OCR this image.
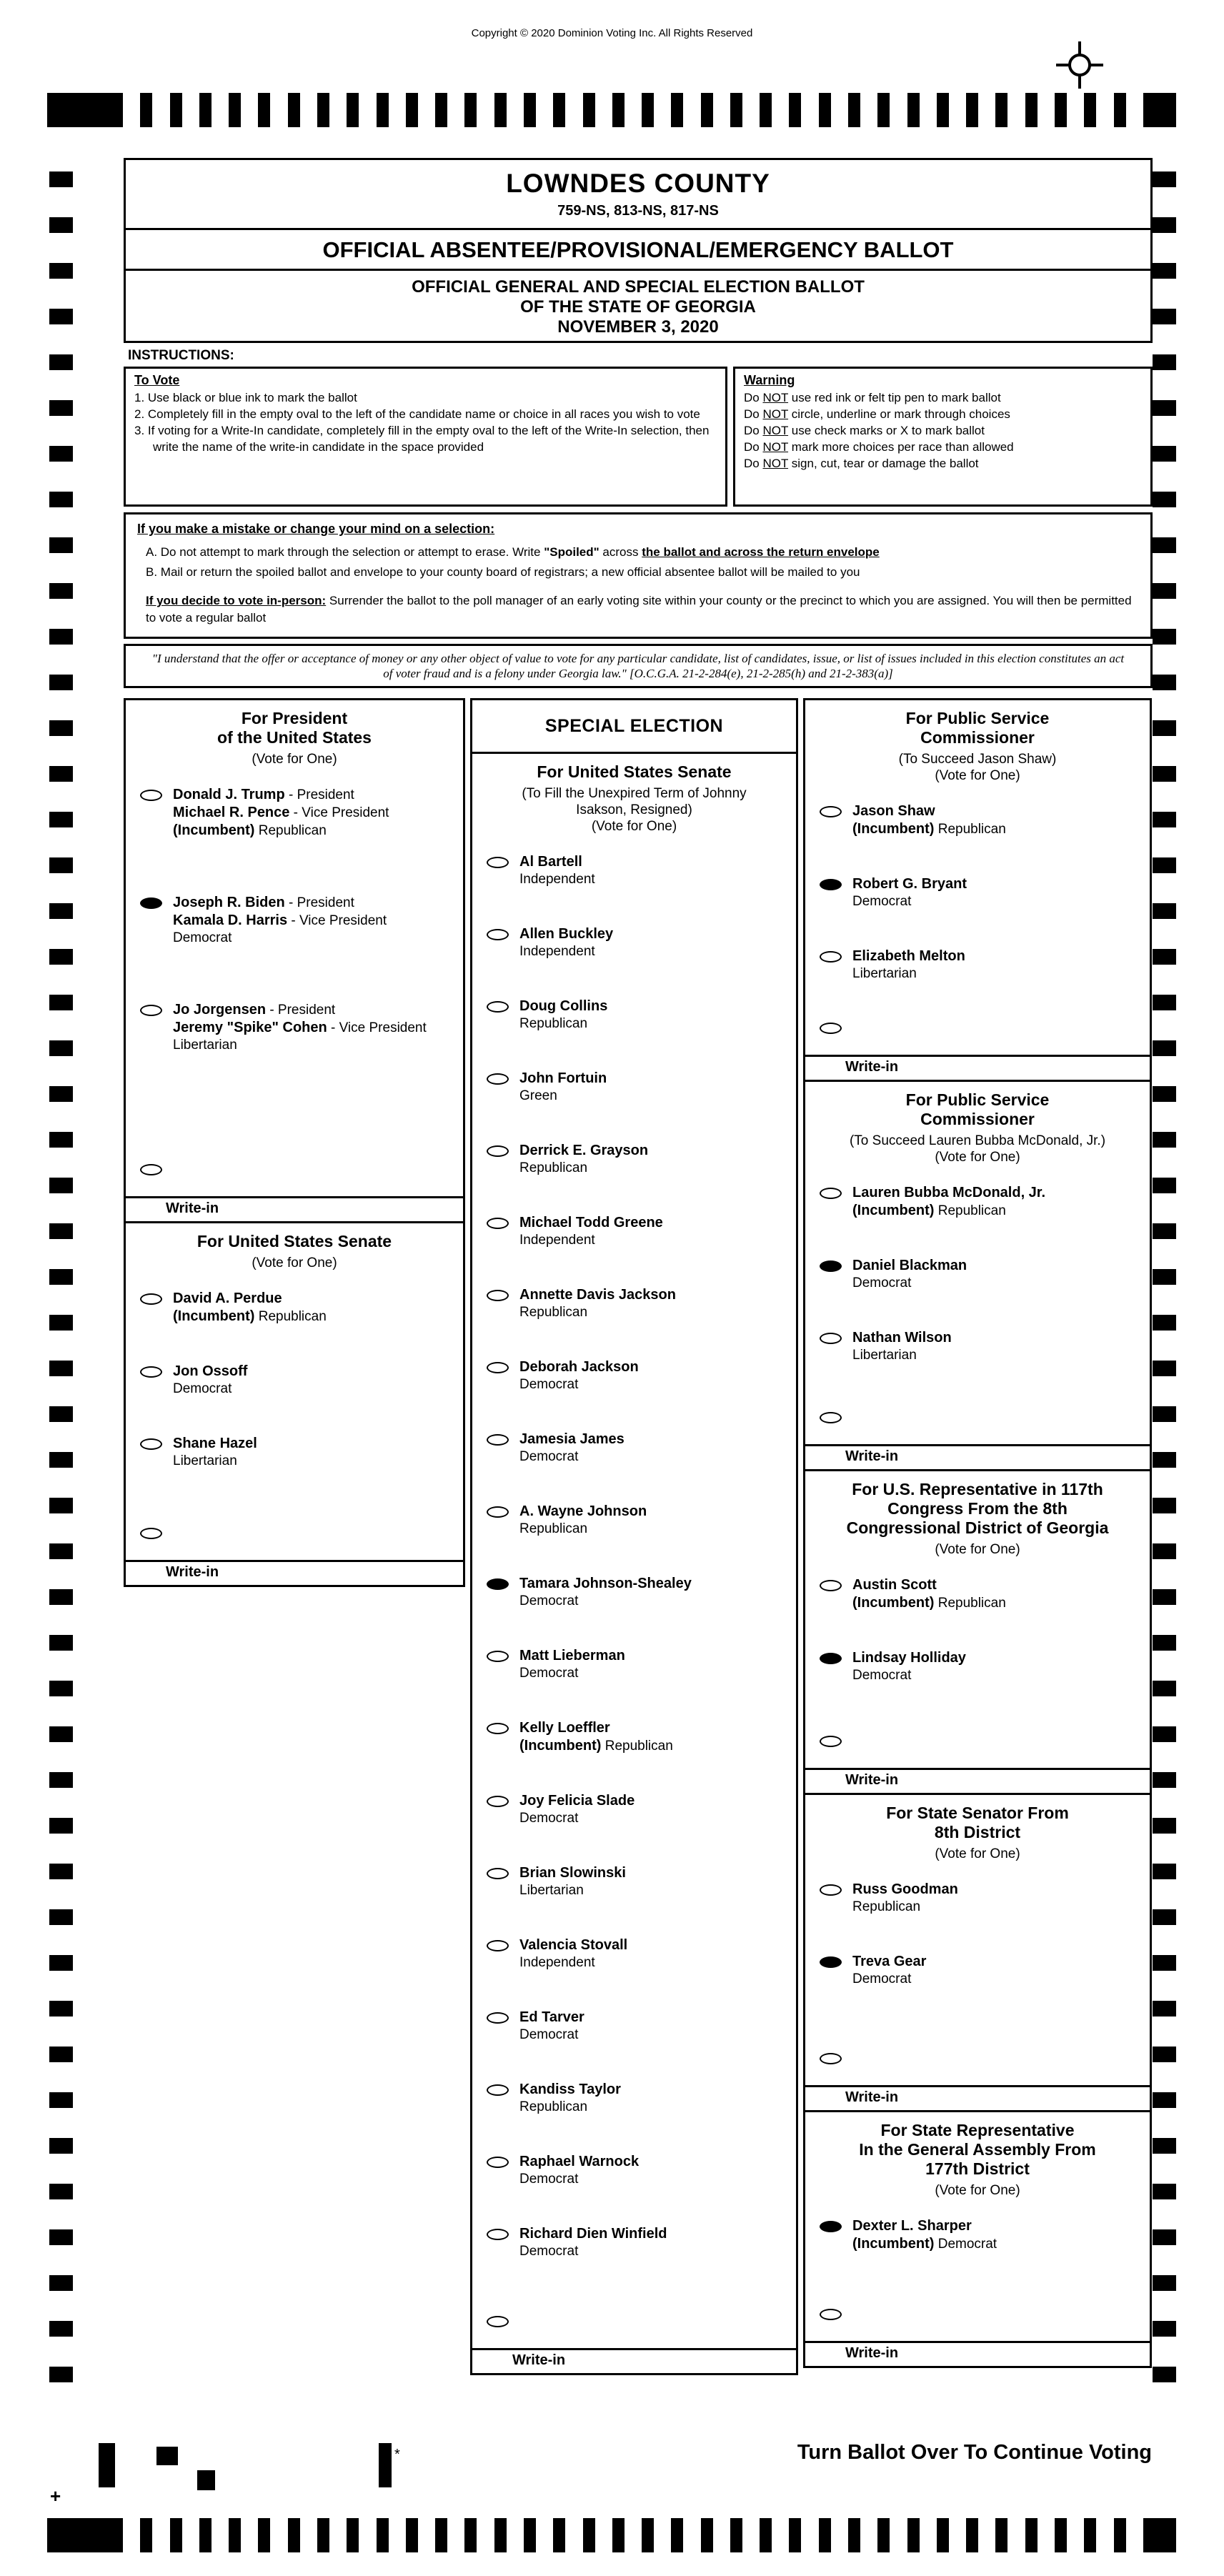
Copyright © 2020 Dominion Voting Inc. All Rights Reserved
LOWNDES COUNTY
759-NS, 813-NS, 817-NS
OFFICIAL ABSENTEE/PROVISIONAL/EMERGENCY BALLOT
OFFICIAL GENERAL AND SPECIAL ELECTION BALLOT
OF THE STATE OF GEORGIA
NOVEMBER 3, 2020
INSTRUCTIONS:
To Vote
1. Use black or blue ink to mark the ballot
2. Completely fill in the empty oval to the left of the candidate name or choice in all races you wish to vote
3. If voting for a Write-In candidate, completely fill in the empty oval to the left of the Write-In selection, then write the name of the write-in candidate in the space provided
Warning
Do NOT use red ink or felt tip pen to mark ballot
Do NOT circle, underline or mark through choices
Do NOT use check marks or X to mark ballot
Do NOT mark more choices per race than allowed
Do NOT sign, cut, tear or damage the ballot
If you make a mistake or change your mind on a selection:
A. Do not attempt to mark through the selection or attempt to erase. Write "Spoiled" across the ballot and across the return envelope
B. Mail or return the spoiled ballot and envelope to your county board of registrars; a new official absentee ballot will be mailed to you
If you decide to vote in-person: Surrender the ballot to the poll manager of an early voting site within your county or the precinct to which you are assigned. You will then be permitted to vote a regular ballot
"I understand that the offer or acceptance of money or any other object of value to vote for any particular candidate, list of candidates, issue, or list of issues included in this election constitutes an act of voter fraud and is a felony under Georgia law." [O.C.G.A. 21-2-284(e), 21-2-285(h) and 21-2-383(a)]
For President
of the United States
(Vote for One)
Donald J. Trump - President
Michael R. Pence - Vice President
(Incumbent) Republican
Joseph R. Biden - President
Kamala D. Harris - Vice President
Democrat
Jo Jorgensen - President
Jeremy "Spike" Cohen - Vice President
Libertarian
Write-in
For United States Senate
(Vote for One)
David A. Perdue
(Incumbent) Republican
Jon Ossoff
Democrat
Shane Hazel
Libertarian
Write-in
SPECIAL ELECTION
For United States Senate
(To Fill the Unexpired Term of Johnny
Isakson, Resigned)
(Vote for One)
Al Bartell
Independent
Allen Buckley
Independent
Doug Collins
Republican
John Fortuin
Green
Derrick E. Grayson
Republican
Michael Todd Greene
Independent
Annette Davis Jackson
Republican
Deborah Jackson
Democrat
Jamesia James
Democrat
A. Wayne Johnson
Republican
Tamara Johnson-Shealey
Democrat
Matt Lieberman
Democrat
Kelly Loeffler
(Incumbent) Republican
Joy Felicia Slade
Democrat
Brian Slowinski
Libertarian
Valencia Stovall
Independent
Ed Tarver
Democrat
Kandiss Taylor
Republican
Raphael Warnock
Democrat
Richard Dien Winfield
Democrat
Write-in
For Public Service
Commissioner
(To Succeed Jason Shaw)
(Vote for One)
Jason Shaw
(Incumbent) Republican
Robert G. Bryant
Democrat
Elizabeth Melton
Libertarian
Write-in
For Public Service
Commissioner
(To Succeed Lauren Bubba McDonald, Jr.)
(Vote for One)
Lauren Bubba McDonald, Jr.
(Incumbent) Republican
Daniel Blackman
Democrat
Nathan Wilson
Libertarian
Write-in
For U.S. Representative in 117th
Congress From the 8th
Congressional District of Georgia
(Vote for One)
Austin Scott
(Incumbent) Republican
Lindsay Holliday
Democrat
Write-in
For State Senator From
8th District
(Vote for One)
Russ Goodman
Republican
Treva Gear
Democrat
Write-in
For State Representative
In the General Assembly From
177th District
(Vote for One)
Dexter L. Sharper
(Incumbent) Democrat
Write-in
Turn Ballot Over To Continue Voting
*
+
